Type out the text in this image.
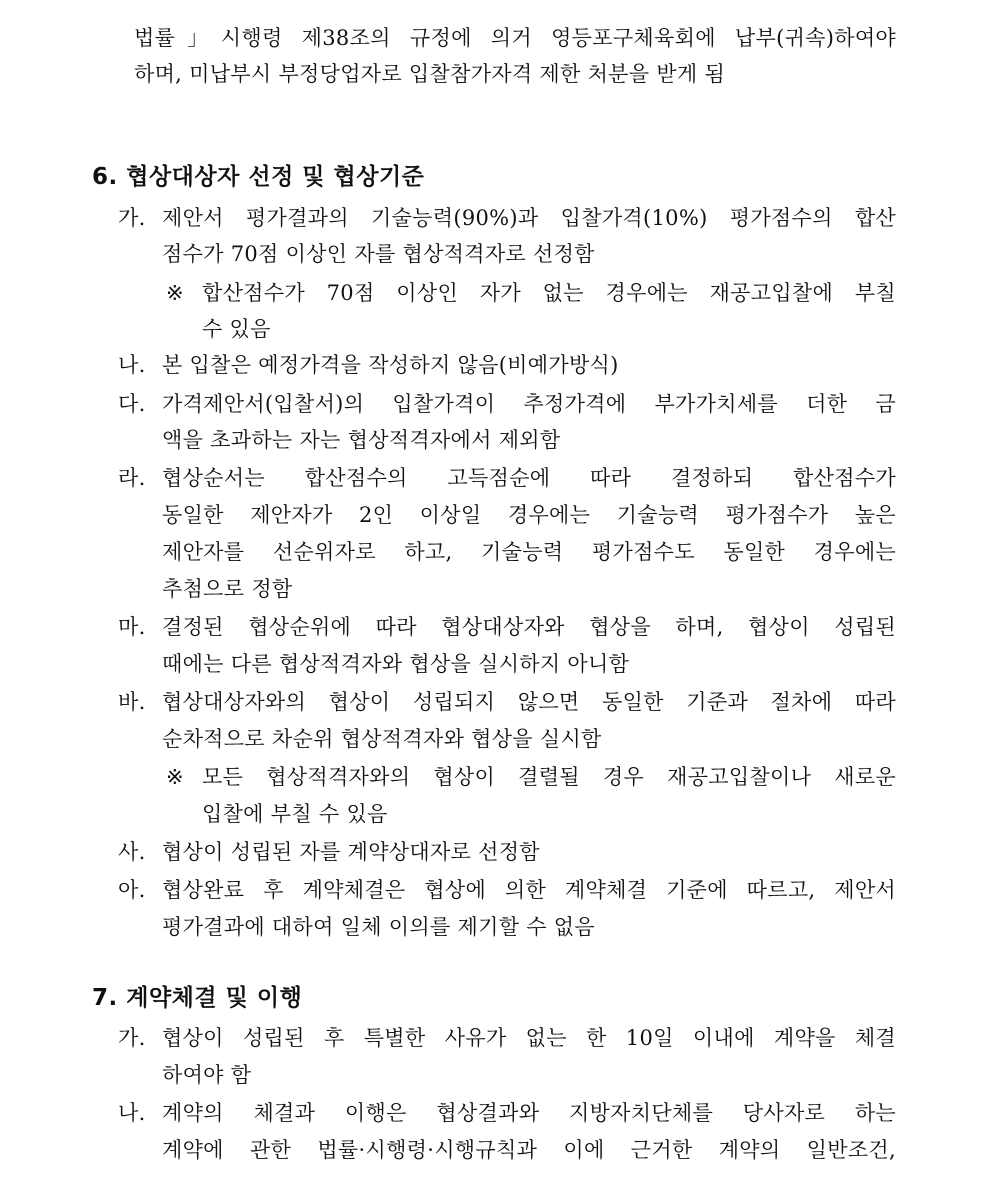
법률」시행령 제38조의 규정에 의거 영등포구체육회에 납부(귀속)하여야
하며, 미납부시 부정당업자로 입찰참가자격 제한 처분을 받게 됨
6. 협상대상자 선정 및 협상기준
가. 제안서 평가결과의 기술능력(90%)과 입찰가격(10%) 평가점수의 합산
점수가 70점 이상인 자를 협상적격자로 선정함
※ 합산점수가 70점 이상인 자가 없는 경우에는 재공고입찰에 부칠
수 있음
나. 본 입찰은 예정가격을 작성하지 않음(비예가방식)
다. 가격제안서(입찰서)의 입찰가격이 추정가격에 부가가치세를 더한 금
액을 초과하는 자는 협상적격자에서 제외함
라. 협상순서는 합산점수의 고득점순에 따라 결정하되 합산점수가
동일한 제안자가 2인 이상일 경우에는 기술능력 평가점수가 높은
제안자를 선순위자로 하고, 기술능력 평가점수도 동일한 경우에는
추첨으로 정함
마. 결정된 협상순위에 따라 협상대상자와 협상을 하며, 협상이 성립된
때에는 다른 협상적격자와 협상을 실시하지 아니함
바. 협상대상자와의 협상이 성립되지 않으면 동일한 기준과 절차에 따라
순차적으로 차순위 협상적격자와 협상을 실시함
※ 모든 협상적격자와의 협상이 결렬될 경우 재공고입찰이나 새로운
입찰에 부칠 수 있음
사. 협상이 성립된 자를 계약상대자로 선정함
아. 협상완료 후 계약체결은 협상에 의한 계약체결 기준에 따르고, 제안서
평가결과에 대하여 일체 이의를 제기할 수 없음
7. 계약체결 및 이행
가. 협상이 성립된 후 특별한 사유가 없는 한 10일 이내에 계약을 체결
하여야 함
나. 계약의 체결과 이행은 협상결과와 지방자치단체를 당사자로 하는
계약에 관한 법률·시행령·시행규칙과 이에 근거한 계약의 일반조건,
